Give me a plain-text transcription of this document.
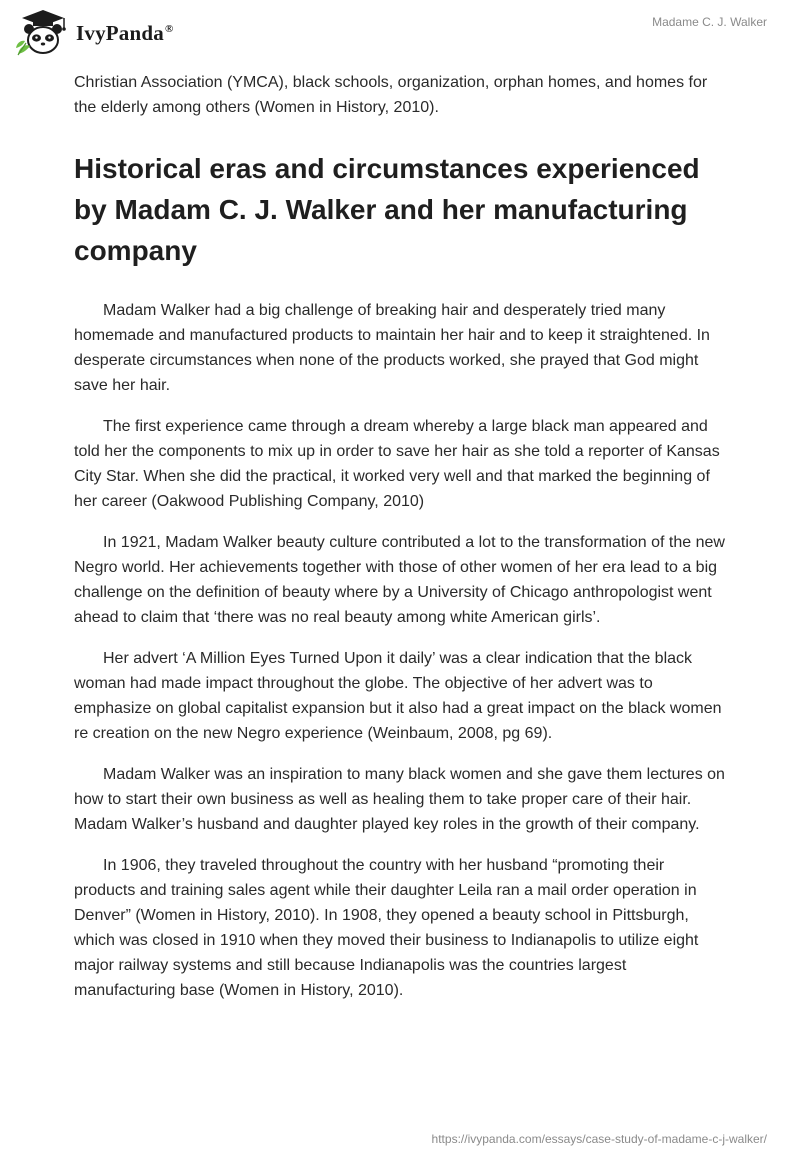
IvyPanda®	Madame C. J. Walker

Christian Association (YMCA), black schools, organization, orphan homes, and homes for the elderly among others (Women in History, 2010).

Historical eras and circumstances experienced by Madam C. J. Walker and her manufacturing company

Madam Walker had a big challenge of breaking hair and desperately tried many homemade and manufactured products to maintain her hair and to keep it straightened. In desperate circumstances when none of the products worked, she prayed that God might save her hair.

The first experience came through a dream whereby a large black man appeared and told her the components to mix up in order to save her hair as she told a reporter of Kansas City Star. When she did the practical, it worked very well and that marked the beginning of her career (Oakwood Publishing Company, 2010)

In 1921, Madam Walker beauty culture contributed a lot to the transformation of the new Negro world. Her achievements together with those of other women of her era lead to a big challenge on the definition of beauty where by a University of Chicago anthropologist went ahead to claim that ‘there was no real beauty among white American girls’.

Her advert ‘A Million Eyes Turned Upon it daily’ was a clear indication that the black woman had made impact throughout the globe. The objective of her advert was to emphasize on global capitalist expansion but it also had a great impact on the black women re creation on the new Negro experience (Weinbaum, 2008, pg 69).

Madam Walker was an inspiration to many black women and she gave them lectures on how to start their own business as well as healing them to take proper care of their hair. Madam Walker’s husband and daughter played key roles in the growth of their company.

In 1906, they traveled throughout the country with her husband “promoting their products and training sales agent while their daughter Leila ran a mail order operation in Denver” (Women in History, 2010). In 1908, they opened a beauty school in Pittsburgh, which was closed in 1910 when they moved their business to Indianapolis to utilize eight major railway systems and still because Indianapolis was the countries largest manufacturing base (Women in History, 2010).

https://ivypanda.com/essays/case-study-of-madame-c-j-walker/
